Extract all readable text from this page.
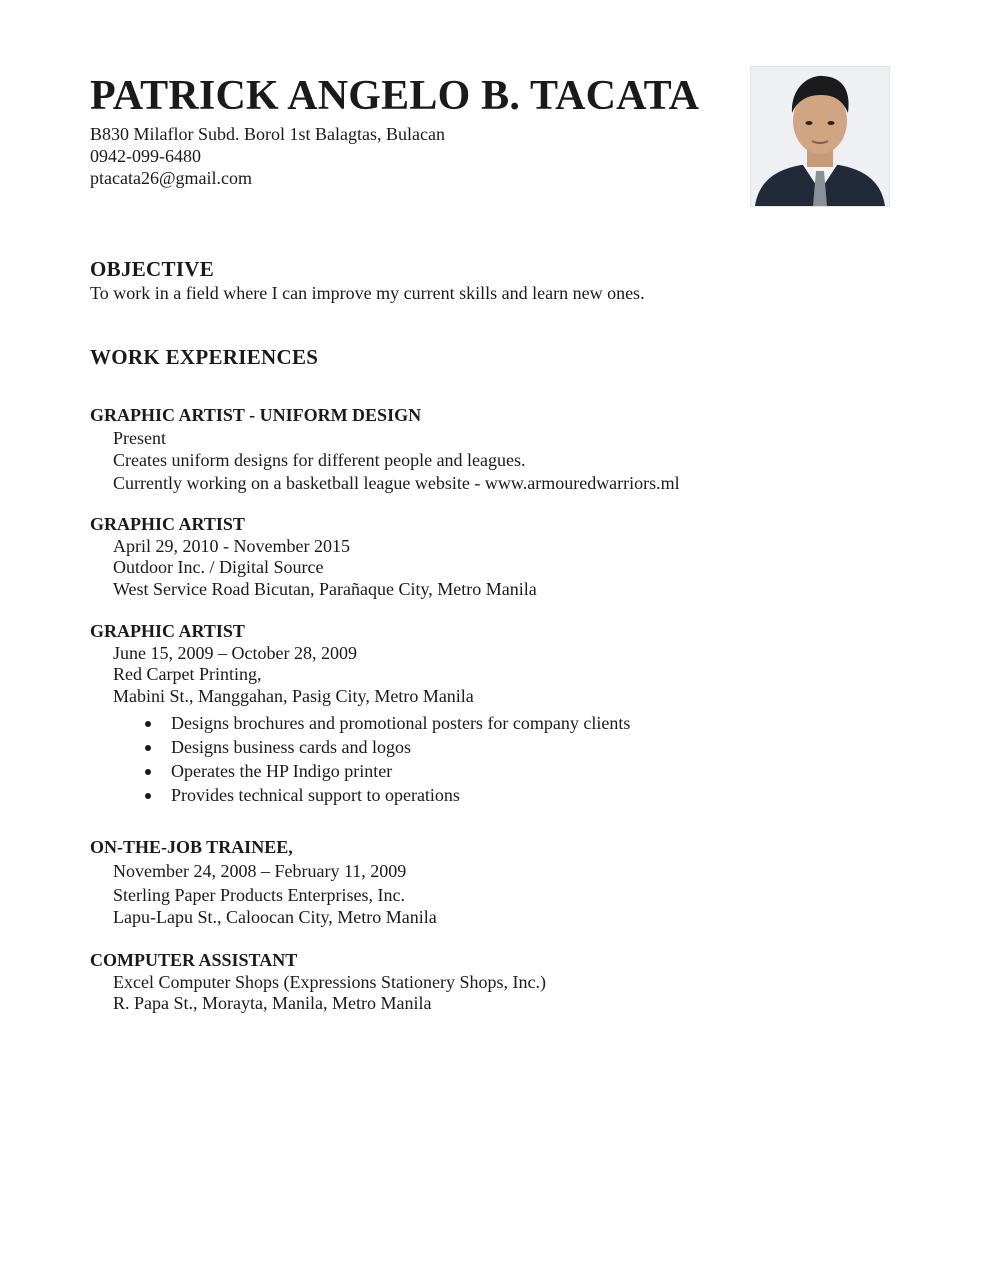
PATRICK ANGELO B. TACATA
B830 Milaflor Subd. Borol 1st Balagtas, Bulacan
0942-099-6480
ptacata26@gmail.com
OBJECTIVE
To work in a field where I can improve my current skills and learn new ones.
WORK EXPERIENCES
GRAPHIC ARTIST - UNIFORM DESIGN
Present
Creates uniform designs for different people and leagues.
Currently working on a basketball league website - www.armouredwarriors.ml
GRAPHIC ARTIST
April 29, 2010 - November 2015
Outdoor Inc. / Digital Source
West Service Road Bicutan, Parañaque City, Metro Manila
GRAPHIC ARTIST
June 15, 2009 – October 28, 2009
Red Carpet Printing,
Mabini St., Manggahan, Pasig City, Metro Manila
Designs brochures and promotional posters for company clients
Designs business cards and logos
Operates the HP Indigo printer
Provides technical support to operations
ON-THE-JOB TRAINEE,
November 24, 2008 – February 11, 2009
Sterling Paper Products Enterprises, Inc.
Lapu-Lapu St., Caloocan City, Metro Manila
COMPUTER ASSISTANT
Excel Computer Shops (Expressions Stationery Shops, Inc.)
R. Papa St., Morayta, Manila, Metro Manila
